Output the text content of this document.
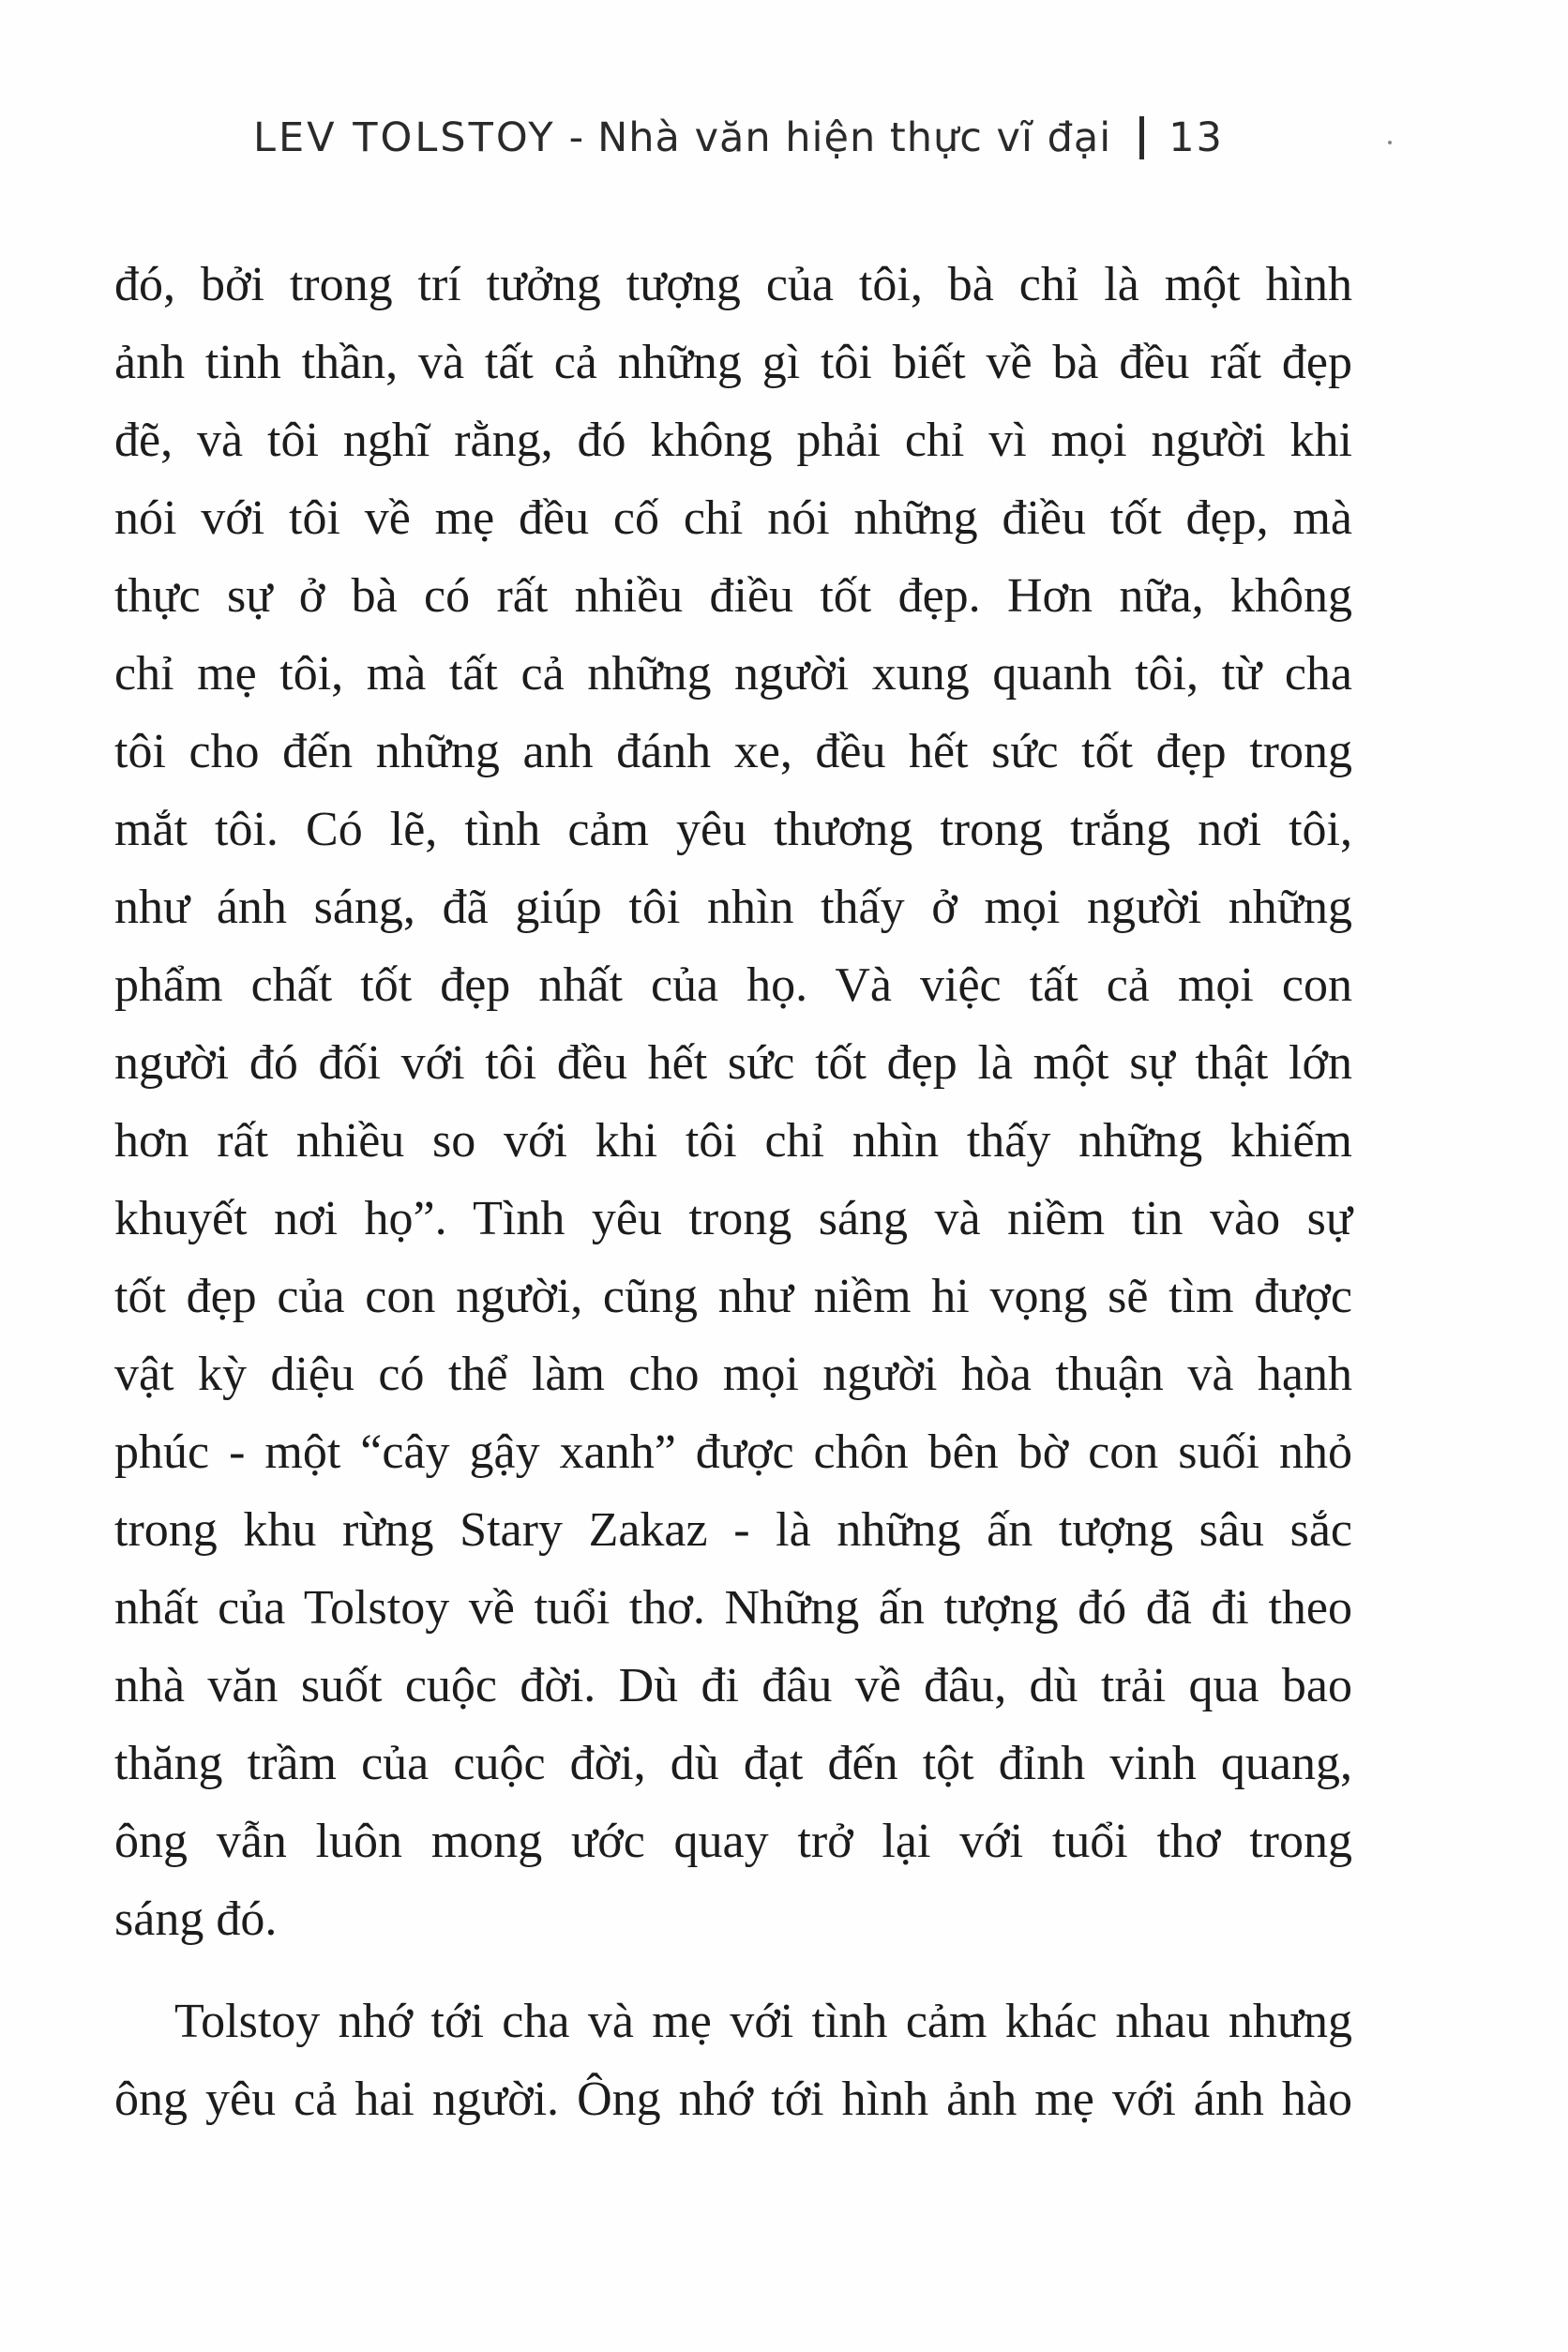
LEV TOLSTOY - Nhà văn hiện thực vĩ đại 13
đó, bởi trong trí tưởng tượng của tôi, bà chỉ là một hình
ảnh tinh thần, và tất cả những gì tôi biết về bà đều rất đẹp
đẽ, và tôi nghĩ rằng, đó không phải chỉ vì mọi người khi
nói với tôi về mẹ đều cố chỉ nói những điều tốt đẹp, mà
thực sự ở bà có rất nhiều điều tốt đẹp. Hơn nữa, không
chỉ mẹ tôi, mà tất cả những người xung quanh tôi, từ cha
tôi cho đến những anh đánh xe, đều hết sức tốt đẹp trong
mắt tôi. Có lẽ, tình cảm yêu thương trong trắng nơi tôi,
như ánh sáng, đã giúp tôi nhìn thấy ở mọi người những
phẩm chất tốt đẹp nhất của họ. Và việc tất cả mọi con
người đó đối với tôi đều hết sức tốt đẹp là một sự thật lớn
hơn rất nhiều so với khi tôi chỉ nhìn thấy những khiếm
khuyết nơi họ”. Tình yêu trong sáng và niềm tin vào sự
tốt đẹp của con người, cũng như niềm hi vọng sẽ tìm được
vật kỳ diệu có thể làm cho mọi người hòa thuận và hạnh
phúc - một “cây gậy xanh” được chôn bên bờ con suối nhỏ
trong khu rừng Stary Zakaz - là những ấn tượng sâu sắc
nhất của Tolstoy về tuổi thơ. Những ấn tượng đó đã đi theo
nhà văn suốt cuộc đời. Dù đi đâu về đâu, dù trải qua bao
thăng trầm của cuộc đời, dù đạt đến tột đỉnh vinh quang,
ông vẫn luôn mong ước quay trở lại với tuổi thơ trong
sáng đó.
Tolstoy nhớ tới cha và mẹ với tình cảm khác nhau nhưng
ông yêu cả hai người. Ông nhớ tới hình ảnh mẹ với ánh hào
